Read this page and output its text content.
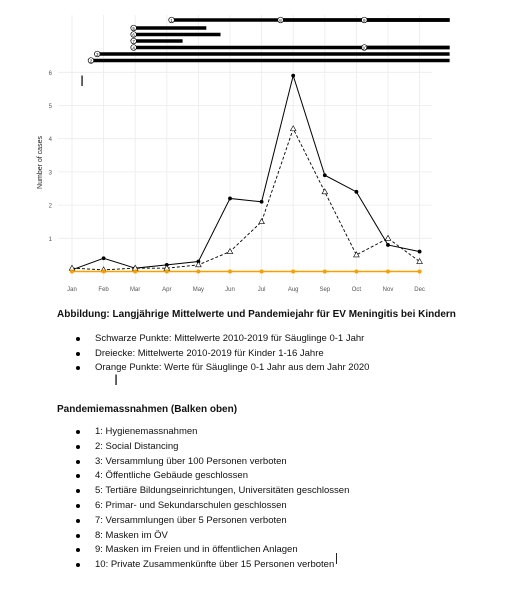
1
2
3
4
5
6
7
8	9
10
1
2
3
4
5
6
Jan	Feb	Mar	Apr	May	Jun	Jul	Aug	Sep	Oct	Nov	Dec
Number of cases
Abbildung: Langjährige Mittelwerte und Pandemiejahr für EV Meningitis bei Kindern
Schwarze Punkte: Mittelwerte 2010-2019 für Säuglinge 0-1 Jahr
Dreiecke: Mittelwerte 2010-2019 für Kinder 1-16 Jahre
Orange Punkte: Werte für Säuglinge 0-1 Jahr aus dem Jahr 2020
Pandemiemassnahmen (Balken oben)
1: Hygienemassnahmen
2: Social Distancing
3: Versammlung über 100 Personen verboten
4: Öffentliche Gebäude geschlossen
5: Tertiäre Bildungseinrichtungen, Universitäten geschlossen
6: Primar- und Sekundarschulen geschlossen
7: Versammlungen über 5 Personen verboten
8: Masken im ÖV
9: Masken im Freien und in öffentlichen Anlagen
10: Private Zusammenkünfte über 15 Personen verboten
I
I
